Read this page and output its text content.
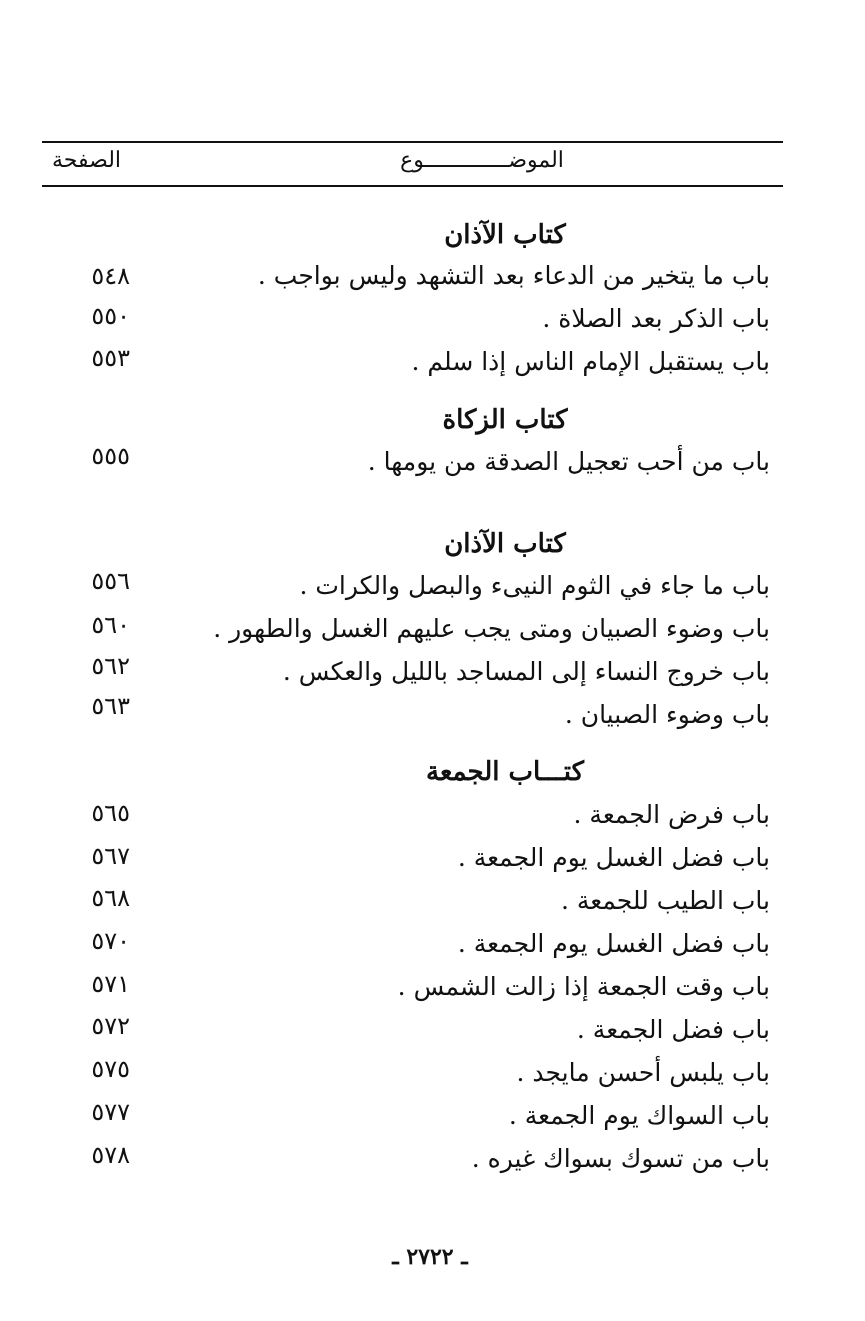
الموضـــــــــــــوع
الصفحة
كتاب الآذان
باب ما يتخير من الدعاء بعد التشهد وليس بواجب .
٥٤٨
باب الذكر بعد الصلاة .
٥٥٠
باب يستقبل الإمام الناس إذا سلم .
٥٥٣
كتاب الزكاة
باب من أحب تعجيل الصدقة من يومها .
٥٥٥
كتاب الآذان
باب ما جاء في الثوم النيىء والبصل والكرات .
٥٥٦
باب وضوء الصبيان ومتى يجب عليهم الغسل والطهور .
٥٦٠
باب خروج النساء إلى المساجد بالليل والعكس .
٥٦٢
باب وضوء الصبيان .
٥٦٣
كتـــاب الجمعة
باب فرض الجمعة .
٥٦٥
باب فضل الغسل يوم الجمعة .
٥٦٧
باب الطيب للجمعة .
٥٦٨
باب فضل الغسل يوم الجمعة .
٥٧٠
باب وقت الجمعة إذا زالت الشمس .
٥٧١
باب فضل الجمعة .
٥٧٢
باب يلبس أحسن مايجد .
٥٧٥
باب السواك يوم الجمعة .
٥٧٧
باب من تسوك بسواك غيره .
٥٧٨
ـ ٢٧٢٢ ـ
